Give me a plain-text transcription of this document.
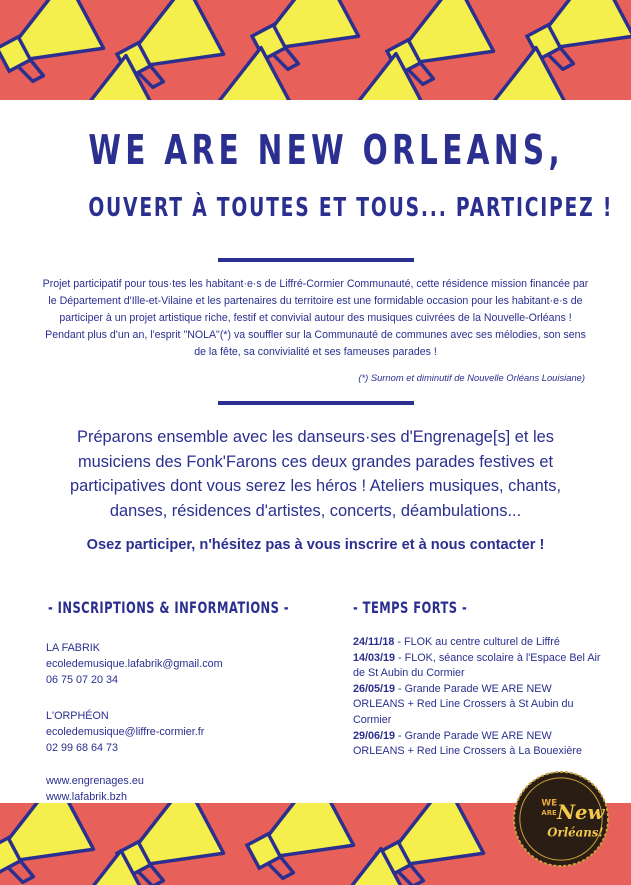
WE ARE NEW ORLEANS,
OUVERT À TOUTES ET TOUS... PARTICIPEZ !
Projet participatif pour tous·tes les habitant·e·s de Liffré-Cormier Communauté, cette résidence mission financée par le Département d'Ille-et-Vilaine et les partenaires du territoire est une formidable occasion pour les habitant·e·s de participer à un projet artistique riche, festif et convivial autour des musiques cuivrées de la Nouvelle-Orléans ! Pendant plus d'un an, l'esprit "NOLA"(*) va souffler sur la Communauté de communes avec ses mélodies, son sens de la fête, sa convivialité et ses fameuses parades !
(*) Surnom et diminutif de Nouvelle Orléans Louisiane)
Préparons ensemble avec les danseurs·ses d'Engrenage[s] et les musiciens des Fonk'Farons ces deux grandes parades festives et participatives dont vous serez les héros ! Ateliers musiques, chants, danses, résidences d'artistes, concerts, déambulations...
Osez participer, n'hésitez pas à vous inscrire et à nous contacter !
- INSCRIPTIONS & INFORMATIONS -	- TEMPS FORTS -
LA FABRIK
ecoledemusique.lafabrik@gmail.com
06 75 07 20 34
L'ORPHÉON
ecoledemusique@liffre-cormier.fr
02 99 68 64 73
www.engrenages.eu
www.lafabrik.bzh

24/11/18 - FLOK au centre culturel de Liffré

14/03/19 - FLOK, séance scolaire à l'Espace Bel Air de St Aubin du Cormier

26/05/19 - Grande Parade WE ARE NEW ORLEANS + Red Line Crossers à St Aubin du Cormier

29/06/19 - Grande Parade WE ARE NEW ORLEANS + Red Line Crossers à La Bouexière

WE
ARE New
Orléans!
